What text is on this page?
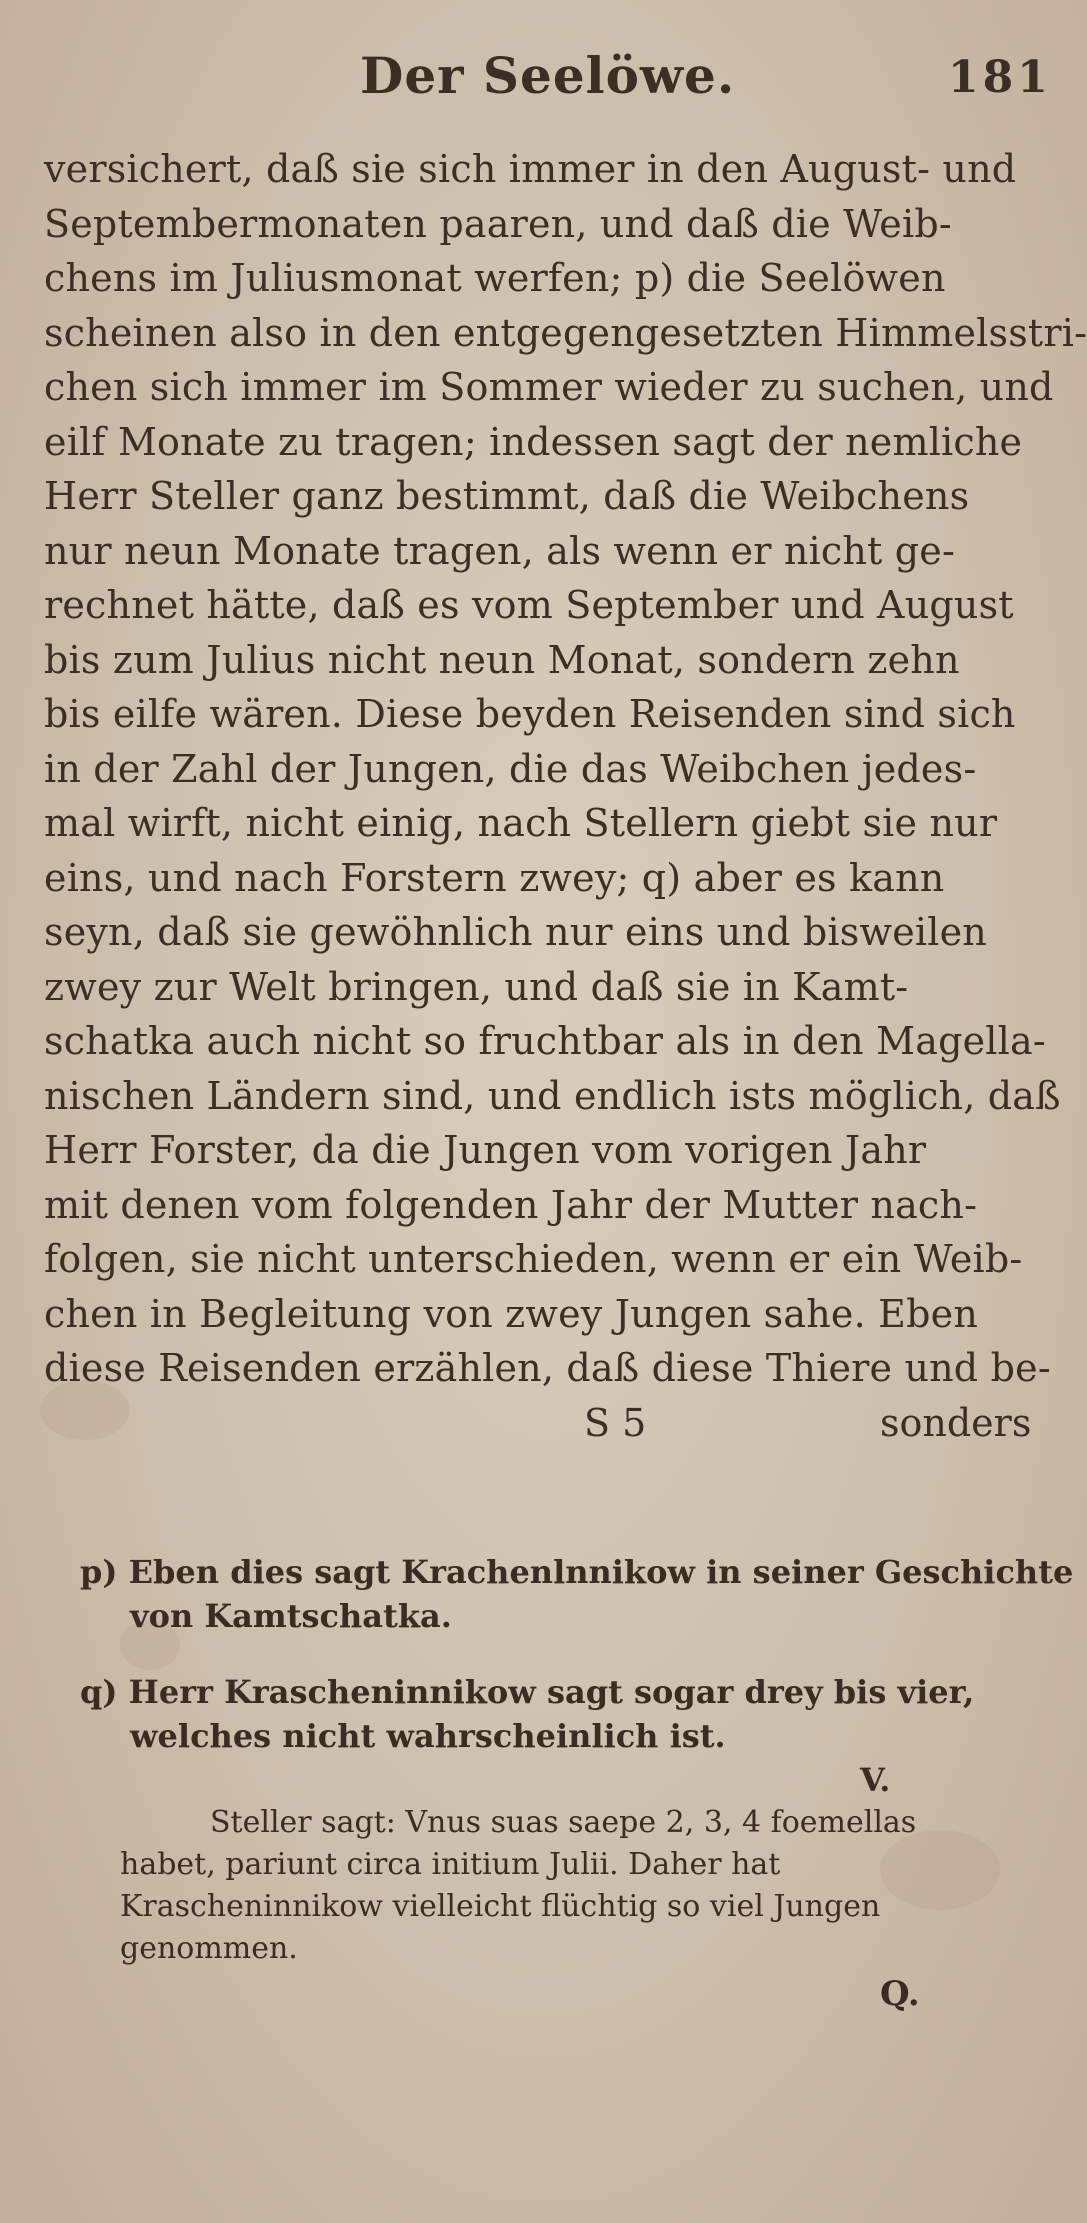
Der Seelöwe.	181
versichert, daß sie sich immer in den August- und
Septembermonaten paaren, und daß die Weib-
chens im Juliusmonat werfen; p) die Seelöwen
scheinen also in den entgegengesetzten Himmelsstri-
chen sich immer im Sommer wieder zu suchen, und
eilf Monate zu tragen; indessen sagt der nemliche
Herr Steller ganz bestimmt, daß die Weibchens
nur neun Monate tragen, als wenn er nicht ge-
rechnet hätte, daß es vom September und August
bis zum Julius nicht neun Monat, sondern zehn
bis eilfe wären. Diese beyden Reisenden sind sich
in der Zahl der Jungen, die das Weibchen jedes-
mal wirft, nicht einig, nach Stellern giebt sie nur
eins, und nach Forstern zwey; q) aber es kann
seyn, daß sie gewöhnlich nur eins und bisweilen
zwey zur Welt bringen, und daß sie in Kamt-
schatka auch nicht so fruchtbar als in den Magella-
nischen Ländern sind, und endlich ists möglich, daß
Herr Forster, da die Jungen vom vorigen Jahr
mit denen vom folgenden Jahr der Mutter nach-
folgen, sie nicht unterschieden, wenn er ein Weib-
chen in Begleitung von zwey Jungen sahe. Eben
diese Reisenden erzählen, daß diese Thiere und be-
S 5	sonders
p) Eben dies sagt Krachenlnnikow in seiner Geschichte
von Kamtschatka.
q) Herr Krascheninnikow sagt sogar drey bis vier,
welches nicht wahrscheinlich ist.
V.
Steller sagt: Vnus suas saepe 2, 3, 4 foemellas
habet, pariunt circa initium Julii. Daher hat
Krascheninnikow vielleicht flüchtig so viel Jungen
genommen.
Q.
